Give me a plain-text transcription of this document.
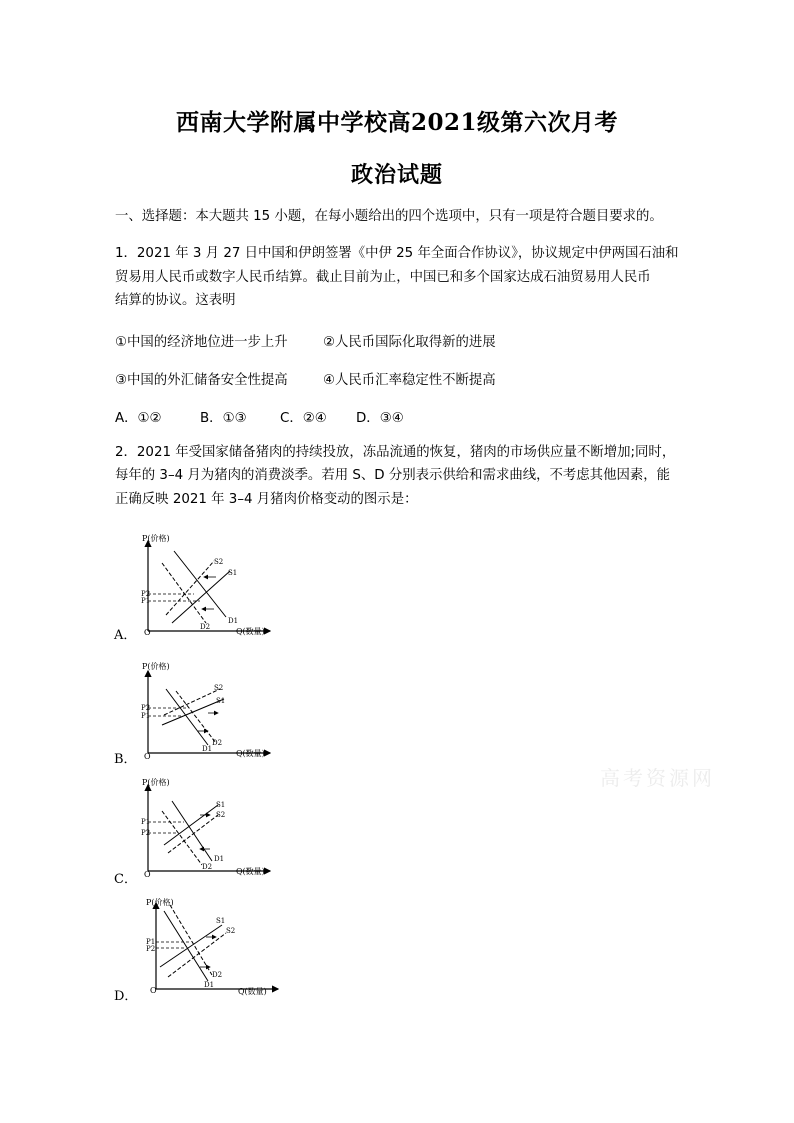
西南大学附属中学校高2021级第六次月考
政治试题
一、选择题：本大题共 15 小题，在每小题给出的四个选项中，只有一项是符合题目要求的。
1．2021 年 3 月 27 日中国和伊朗签署《中伊 25 年全面合作协议》，协议规定中伊两国石油和
贸易用人民币或数字人民币结算。截止目前为止，中国已和多个国家达成石油贸易用人民币
结算的协议。这表明
①中国的经济地位进一步上升	②人民币国际化取得新的进展
③中国的外汇储备安全性提高	④人民币汇率稳定性不断提高
A．①②	B．①③ C．②④ D．③④
2．2021 年受国家储备猪肉的持续投放，冻品流通的恢复，猪肉的市场供应量不断增加;同时，
每年的 3–4 月为猪肉的消费淡季。若用 S、D 分别表示供给和需求曲线，不考虑其他因素，能
正确反映 2021 年 3–4 月猪肉价格变动的图示是：
A．
P(价格)
Q(数量)
O
S2
S1
D2
D1
P2
P1
B．
P(价格)
Q(数量)
O
S2
S1
D2
D1
P2
P1
C．
P(价格)
Q(数量)
O
S1
S2
D1
D2
P1
P2
D．
P(价格)
Q(数量)
O
S1
S2
D1
D2
P1
P2
高考资源网
